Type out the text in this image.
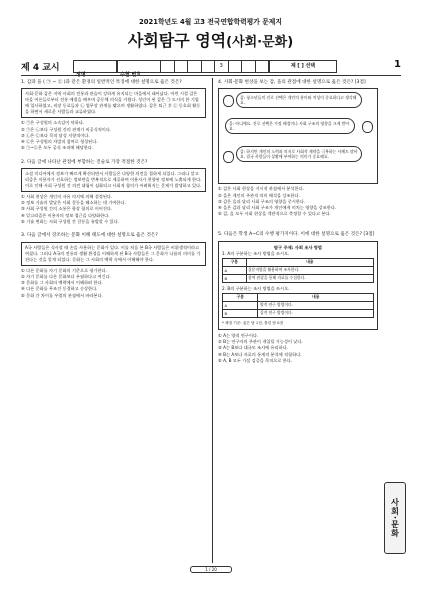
2021학년도 4월 고3 전국연합학력평가 문제지
사회탐구 영역(사회·문화)
제 4 교시	3	제 [ ] 선택	1
1. 갑과 을 ( ㉠ ~ ㉢ )과 같은 환경의 일반적인 특징에 대한 설명으로 옳은 것은?
사회·문화 갑은 지역 사회의 전통과 관습이 강하게 유지되는 마을에서 태어났다. 어린 시절 갑은 마을 어른들로부터 전통 예절을 배우며 공동체 의식을 키웠다. 성인이 된 갑은 ㉠ 도시의 한 기업에 입사하였고, 직장 동료들과 ㉡ 업무상 관계를 맺으며 생활하였다. 갑은 퇴근 후 ㉢ 동호회 활동을 하면서 새로운 사람들과 교류하였다.
① ㉠은 구성원의 소속감이 약하다.
② ㉠은 ㉡보다 구성원 간의 관계가 비공식적이다.
③ ㉡은 ㉢보다 목적 달성 지향적이다.
④ ㉢은 구성원의 자발적 참여로 형성된다.
⑤ ㉠~㉢은 모두 공식 조직에 해당한다.
2. 다음 글에 나타난 관점에 부합하는 진술로 가장 적절한 것은?
소셜 미디어에서 정보가 빠르게 확산되면서 사람들은 다양한 의견을 접하게 되었다. 그러나 알고리즘은 이용자가 선호하는 정보만을 반복적으로 제공하여 이용자가 편향된 정보에 노출되게 한다. 이로 인해 사회 구성원 간 의견 대립이 심화되고 사회적 합의가 어려워지는 문제가 발생하고 있다.
① 사회 현상은 개인의 자유 의지에 의해 결정된다.
② 정보 기술의 발달은 사회 갈등을 해소하는 데 기여한다.
③ 사회 구성원 간의 소통은 항상 합의로 이어진다.
④ 알고리즘은 이용자의 정보 접근을 다양화한다.
⑤ 기술 변화는 사회 구성원 간 갈등을 유발할 수 있다.
3. 다음 글에서 강조하는 문화 이해 태도에 대한 설명으로 옳은 것은?
A국 사람들은 식사할 때 손을 사용하는 문화가 있다. 이를 처음 본 B국 사람들은 비위생적이라고 여겼다. 그러나 A국의 전통과 생활 환경을 이해하게 된 B국 사람들은 그 문화가 나름의 의미를 가진다는 것을 알게 되었다. 문화는 그 사회의 맥락 속에서 이해해야 한다.
① 다른 문화를 자기 문화의 기준으로 평가한다.
② 자기 문화를 다른 문화보다 우월하다고 여긴다.
③ 문화를 그 사회의 맥락에서 이해하려 한다.
④ 다른 문화를 무조건 동경하고 숭상한다.
⑤ 문화 간 차이를 우열의 관점에서 바라본다.
4. 사회·문화 현상을 보는 갑, 을의 관점에 대한 설명으로 옳은 것은? [3점]
갑: 청소년들의 진로 선택은 개인의 흥미와 적성이 중요하다고 생각해요.
을: 아니에요. 진로 선택은 가정 배경이나 사회 구조의 영향을 크게 받아요.
갑: 하지만 개인의 노력과 의지로 사회적 제약을 극복하는 사례도 많아요. 결국 사람들이 상황에 부여하는 의미가 중요해요.
① 갑은 사회 현상을 거시적 관점에서 분석한다.
② 을은 개인의 주관적 의미 해석을 강조한다.
③ 갑은 을과 달리 사회 구조의 영향을 중시한다.
④ 을은 갑과 달리 사회 구조가 개인에게 미치는 영향을 강조한다.
⑤ 갑, 을 모두 사회 현상을 객관적으로 측정할 수 있다고 본다.
5. 다음은 학생 A~C의 수행 평가지이다. 이에 대한 설명으로 옳은 것은? [3점]
탐구 주제: 사회 조사 방법
1. A의 구분하는 조사 방법을 쓰시오.
구분	내용
A	질문지법을 활용하여 조사한다.
B	참여 관찰을 통해 자료를 수집한다.
2. B의 구분하는 조사 방법을 쓰시오.
구분	내용
A	양적 연구 방법이다.
B	질적 연구 방법이다.
* 채점 기준: 옳은 답 1점, 틀린 답 0점
① A는 양적 연구이다.
② B는 연구자의 주관이 개입될 가능성이 낮다.
③ A는 B보다 대규모 조사에 유리하다.
④ B는 A보다 자료의 통계적 분석에 적합하다.
⑤ A, B 모두 가설 검증을 목적으로 한다.
사회·문화
1 / 20
